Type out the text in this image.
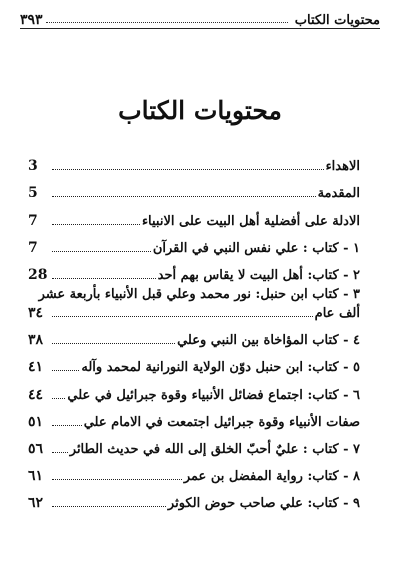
محتويات الكتاب
٣٩٣
محتويات الكتاب
الاهداء
3
المقدمة
5
الادلة على أفضلية أهل البيت على الانبياء
7
١ - كتاب : علي نفس النبي في القرآن
7
٢ - كتاب: أهل البيت لا يقاس بهم أحد
28
٣ - كتاب ابن حنبل: نور محمد وعلي قبل الأنبياء بأربعة عشر
ألف عام
٣٤
٤ - كتاب المؤاخاة بين النبي وعلي
٣٨
٥ - كتاب: ابن حنبل دوّن الولاية النورانية لمحمد وآله
٤١
٦ - كتاب: اجتماع فضائل الأنبياء وقوة جبرائيل في علي
٤٤
صفات الأنبياء وقوة جبرائيل اجتمعت في الامام علي
٥١
٧ - كتاب : عليٌ أحبّ الخلق إلى الله في حديث الطائر
٥٦
٨ - كتاب: رواية المفضل بن عمر
٦١
٩ - كتاب: علي صاحب حوض الكوثر
٦٢
